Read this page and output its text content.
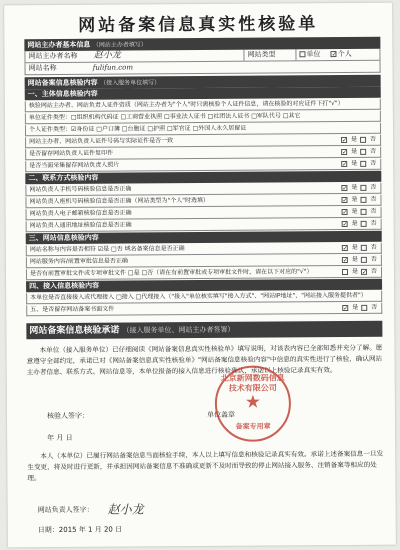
网站备案信息真实性核验单
网站主办者基本信息 （网站主办者填写）
网站主办者名称 赵小龙	网站类型	单位 ✓个人
网站名称	fulifun.com
网站备案信息核验内容 （接入服务单位填写）
一、主体信息核验内容
核验网站主办者、网站负责人证件资质（网站主办者为"个人"时只需核验个人证件信息，请在核验的对应证件下打"√"）
单位证件类型：□组织机构代码证 □工商营业执照 □事业法人证书 □社团法人证书 □军队代号 □其它
个人证件类型：☑身份证 □户口簿 □台胞证 □护照 □军官证 □外国人永久居留证
网站主办者、网站负责人证件号码与实际证件是否一致	✓ 是 否
是否留存网站负责人证件复印件	✓ 是 否
是否当面采集留存网站负责人照片	✓ 是 否
二、联系方式核验内容
网站负责人手机号码核验信息是否正确	✓ 是 否
网站负责人座机号码核验信息是否正确（网站类型为"个人"时选填）	✓ 是 否
网站负责人电子邮箱核验信息是否正确	✓ 是 否
网站负责人通讯地址核验信息是否正确	✓ 是 否
三、网站信息核验内容
网站名称与内容是否相符 ☑是 □否 域名备案信息是否正确	✓ 是 否
网站服务内容/前置审批信息是否正确	✓ 是 否
是否有前置审批文件或专项审批文件 □是 □否（请在有前置审批或专项审批文件时，请在以下对应的"√"）	是 ✓ 否
四、接入信息核验内容
本单位是否直接接入或代理接入 □接入 □代理接入（"接入"单位核实填写"接入方式"、"网站IP地址"、"网站接入服务提供者"）
五、是否留存网站备案书面文件	✓ 是 否
网站备案信息核验承诺 （接入服务单位、网站主办者签署）
本单位（接入服务单位）已仔细阅读《网站备案信息真实性核验单》填写说明，对该表内容已全部知悉并充分了解。愿意遵守全部约定，承诺已对《网站备案信息真实性核验单》"网站备案信息核验内容"中信息的真实性进行了核验，确认网站主办者信息、联系方式、网站信息等，本单位报备的接入信息进行核验确认，承诺以上核验记录真实有效。
核验人签字：	单位盖章
年 月 日
北京新网数码信息技术有限公司
★
备案专用章
本人（本单位）已履行网站备案信息当面核验手续，本人以上填写信息和核验记录真实有效。承诺上述备案信息一旦发生变更，将及时进行更新，并承担因网站备案信息不准确或更新不及时而导致的停止网站接入服务、注销备案等相应的处理。
网站负责人签字： 赵小龙
日期：2015 年 1 月 20 日
